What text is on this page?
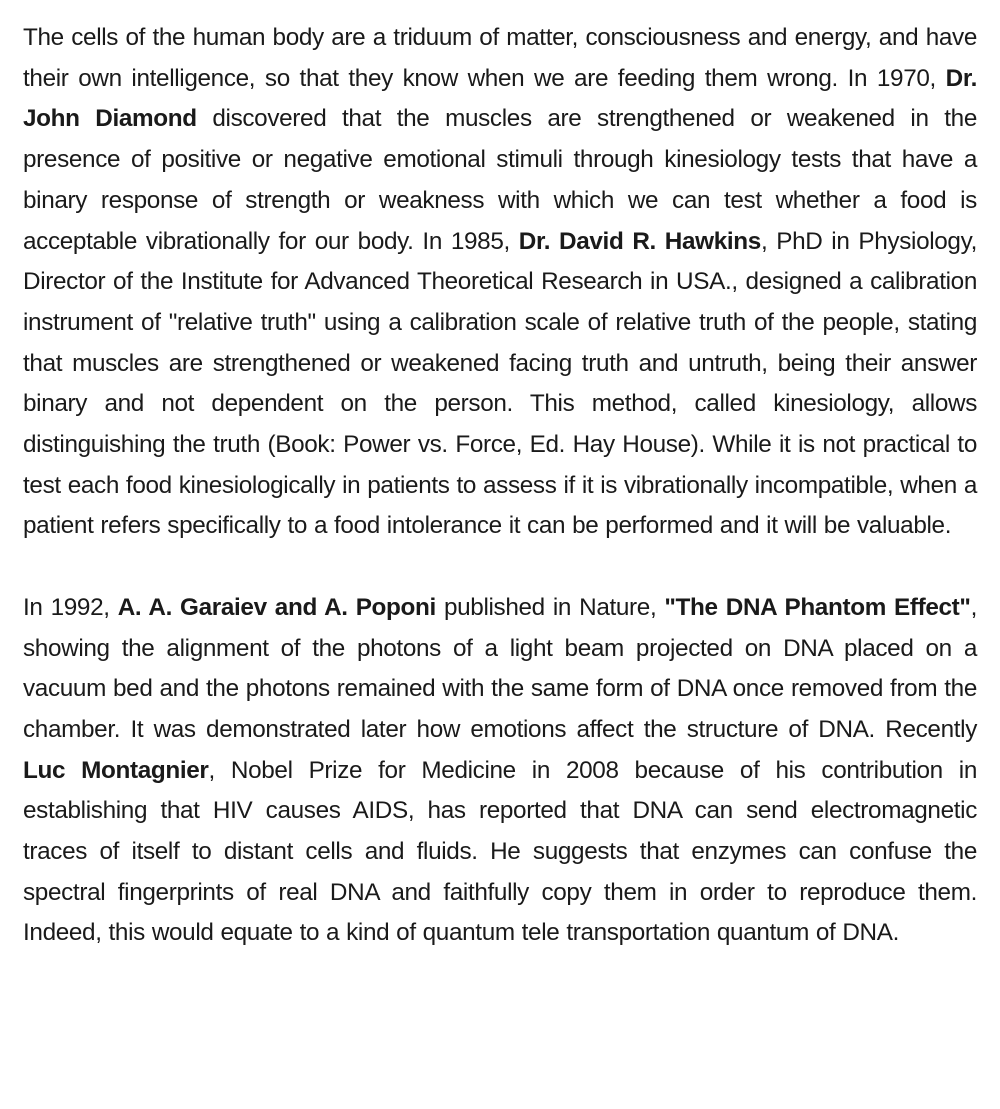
The cells of the human body are a triduum of matter, consciousness and energy, and have their own intelligence, so that they know when we are feeding them wrong. In 1970, Dr. John Diamond discovered that the muscles are strengthened or weakened in the presence of positive or negative emotional stimuli through kinesiology tests that have a binary response of strength or weakness with which we can test whether a food is acceptable vibrationally for our body. In 1985, Dr. David R. Hawkins, PhD in Physiology, Director of the Institute for Advanced Theoretical Research in USA., designed a calibration instrument of "relative truth" using a calibration scale of relative truth of the people, stating that muscles are strengthened or weakened facing truth and untruth, being their answer binary and not dependent on the person. This method, called kinesiology, allows distinguishing the truth (Book: Power vs. Force, Ed. Hay House). While it is not practical to test each food kinesiologically in patients to assess if it is vibrationally incompatible, when a patient refers specifically to a food intolerance it can be performed and it will be valuable.

In 1992, A. A. Garaiev and A. Poponi published in Nature, "The DNA Phantom Effect", showing the alignment of the photons of a light beam projected on DNA placed on a vacuum bed and the photons remained with the same form of DNA once removed from the chamber. It was demonstrated later how emotions affect the structure of DNA. Recently Luc Montagnier, Nobel Prize for Medicine in 2008 because of his contribution in establishing that HIV causes AIDS, has reported that DNA can send electromagnetic traces of itself to distant cells and fluids. He suggests that enzymes can confuse the spectral fingerprints of real DNA and faithfully copy them in order to reproduce them. Indeed, this would equate to a kind of quantum tele transportation quantum of DNA.
